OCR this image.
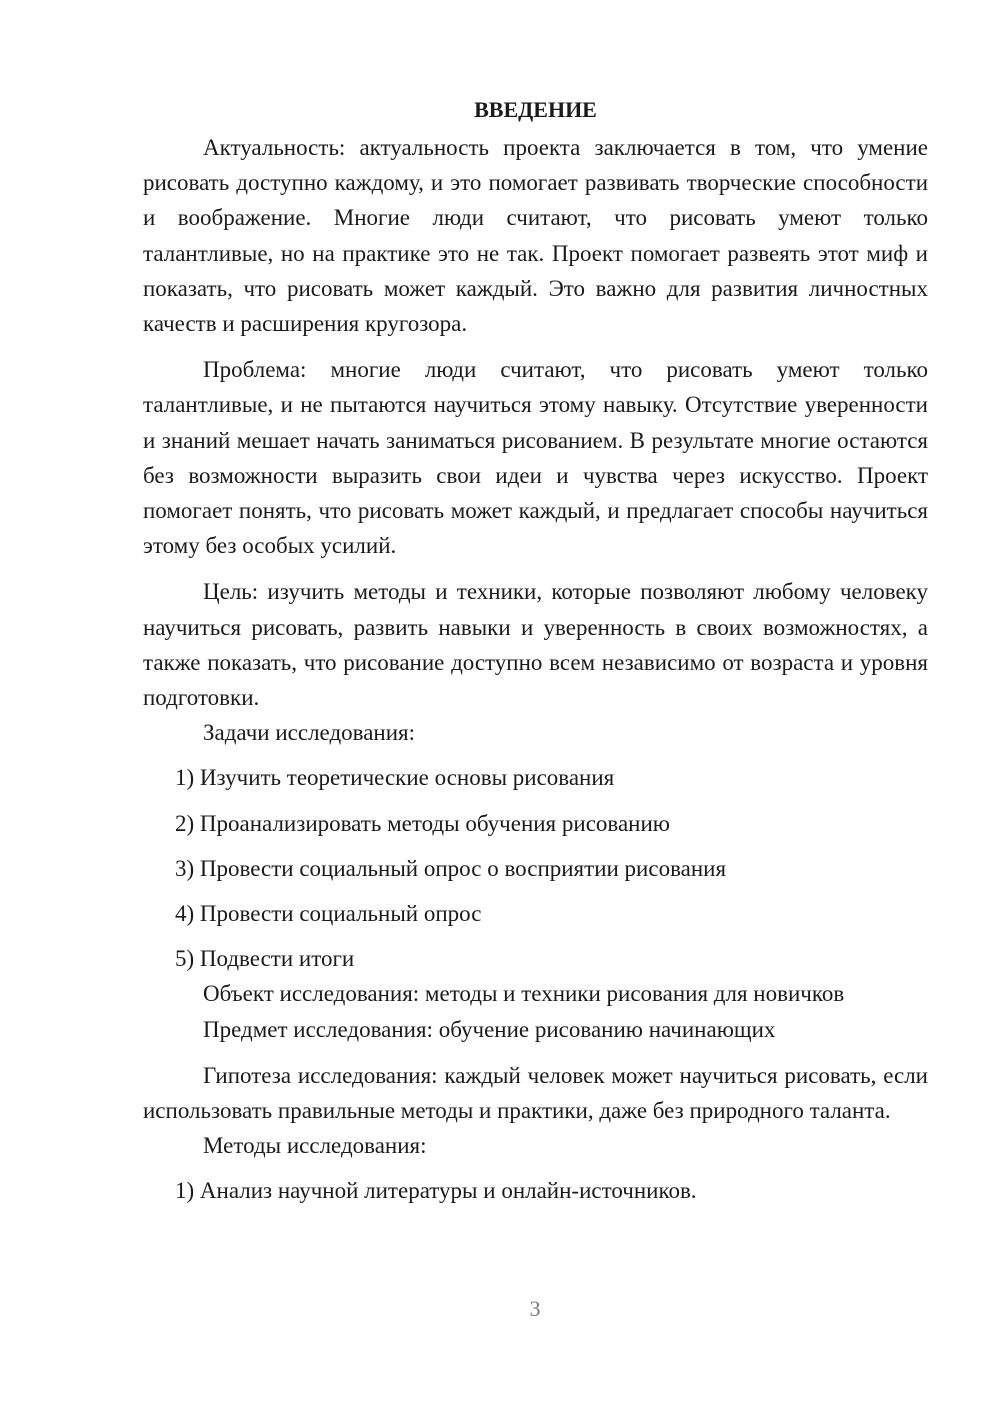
ВВЕДЕНИЕ

Актуальность: актуальность проекта заключается в том, что умение рисовать доступно каждому, и это помогает развивать творческие способности и воображение. Многие люди считают, что рисовать умеют только талантливые, но на практике это не так. Проект помогает развеять этот миф и показать, что рисовать может каждый. Это важно для развития личностных качеств и расширения кругозора.

Проблема: многие люди считают, что рисовать умеют только талантливые, и не пытаются научиться этому навыку. Отсутствие уверенности и знаний мешает начать заниматься рисованием. В результате многие остаются без возможности выразить свои идеи и чувства через искусство. Проект помогает понять, что рисовать может каждый, и предлагает способы научиться этому без особых усилий.

Цель: изучить методы и техники, которые позволяют любому человеку научиться рисовать, развить навыки и уверенность в своих возможностях, а также показать, что рисование доступно всем независимо от возраста и уровня подготовки.

Задачи исследования:

1) Изучить теоретические основы рисования

2) Проанализировать методы обучения рисованию

3) Провести социальный опрос о восприятии рисования

4) Провести социальный опрос

5) Подвести итоги

Объект исследования: методы и техники рисования для новичков

Предмет исследования: обучение рисованию начинающих

Гипотеза исследования: каждый человек может научиться рисовать, если использовать правильные методы и практики, даже без природного таланта.

Методы исследования:

1) Анализ научной литературы и онлайн-источников.

3
